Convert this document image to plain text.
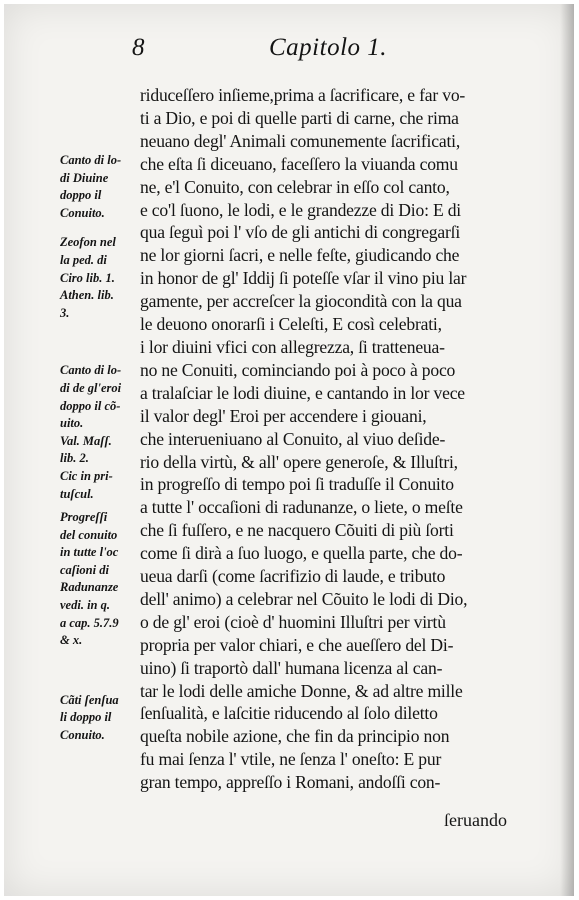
8	Capitolo 1.

Canto di lo-
di Diuine
doppo il
Conuito.

Zeofon nel
la ped. di
Ciro lib. 1.
Athen. lib.
3.

Canto di lo-
di de gl'eroi
doppo il cõ-
uito.

Val. Maſſ.
lib. 2.

Cic in pri-
tuſcul.

Progreſſi
del conuito
in tutte l'oc
caſioni di
Radunanze
vedi. in q.
a cap. 5.7.9
& x.

Cãti ſenſua
li doppo il
Conuito.

riduceſſero inſieme,prima a ſacrificare, e far vo-
ti a Dio, e poi di quelle parti di carne, che rima
neuano degl' Animali comunemente ſacrificati,
che eſta ſi diceuano, faceſſero la viuanda comu
ne, e'l Conuito, con celebrar in eſſo col canto,
e co'l ſuono, le lodi, e le grandezze di Dio: E di
qua ſeguì poi l' vſo de gli antichi di congregarſi
ne lor giorni ſacri, e nelle feſte, giudicando che
in honor de gl' Iddij ſi poteſſe vſar il vino piu lar
gamente, per accreſcer la giocondità con la qua
le deuono onorarſi i Celeſti, E così celebrati,
i lor diuini vfici con allegrezza, ſi tratteneua-
no ne Conuiti, cominciando poi à poco à poco
a tralaſciar le lodi diuine, e cantando in lor vece
il valor degl' Eroi per accendere i giouani,
che interueniuano al Conuito, al viuo deſide-
rio della virtù, & all' opere generoſe, & Illuſtri,
in progreſſo di tempo poi ſi traduſſe il Conuito
a tutte l' occaſioni di radunanze, o liete, o meſte
che ſi fuſſero, e ne nacquero Cõuiti di più ſorti
come ſi dirà a ſuo luogo, e quella parte, che do-
ueua darſi (come ſacrifizio di laude, e tributo
dell' animo) a celebrar nel Cõuito le lodi di Dio,
o de gl' eroi (cioè d' huomini Illuſtri per virtù
propria per valor chiari, e che aueſſero del Di-
uino) ſi traportò dall' humana licenza al can-
tar le lodi delle amiche Donne, & ad altre mille
ſenſualità, e laſcitie riducendo al ſolo diletto
queſta nobile azione, che fin da principio non
fu mai ſenza l' vtile, ne ſenza l' oneſto: E pur
gran tempo, appreſſo i Romani, andoſſi con-
ſeruando
